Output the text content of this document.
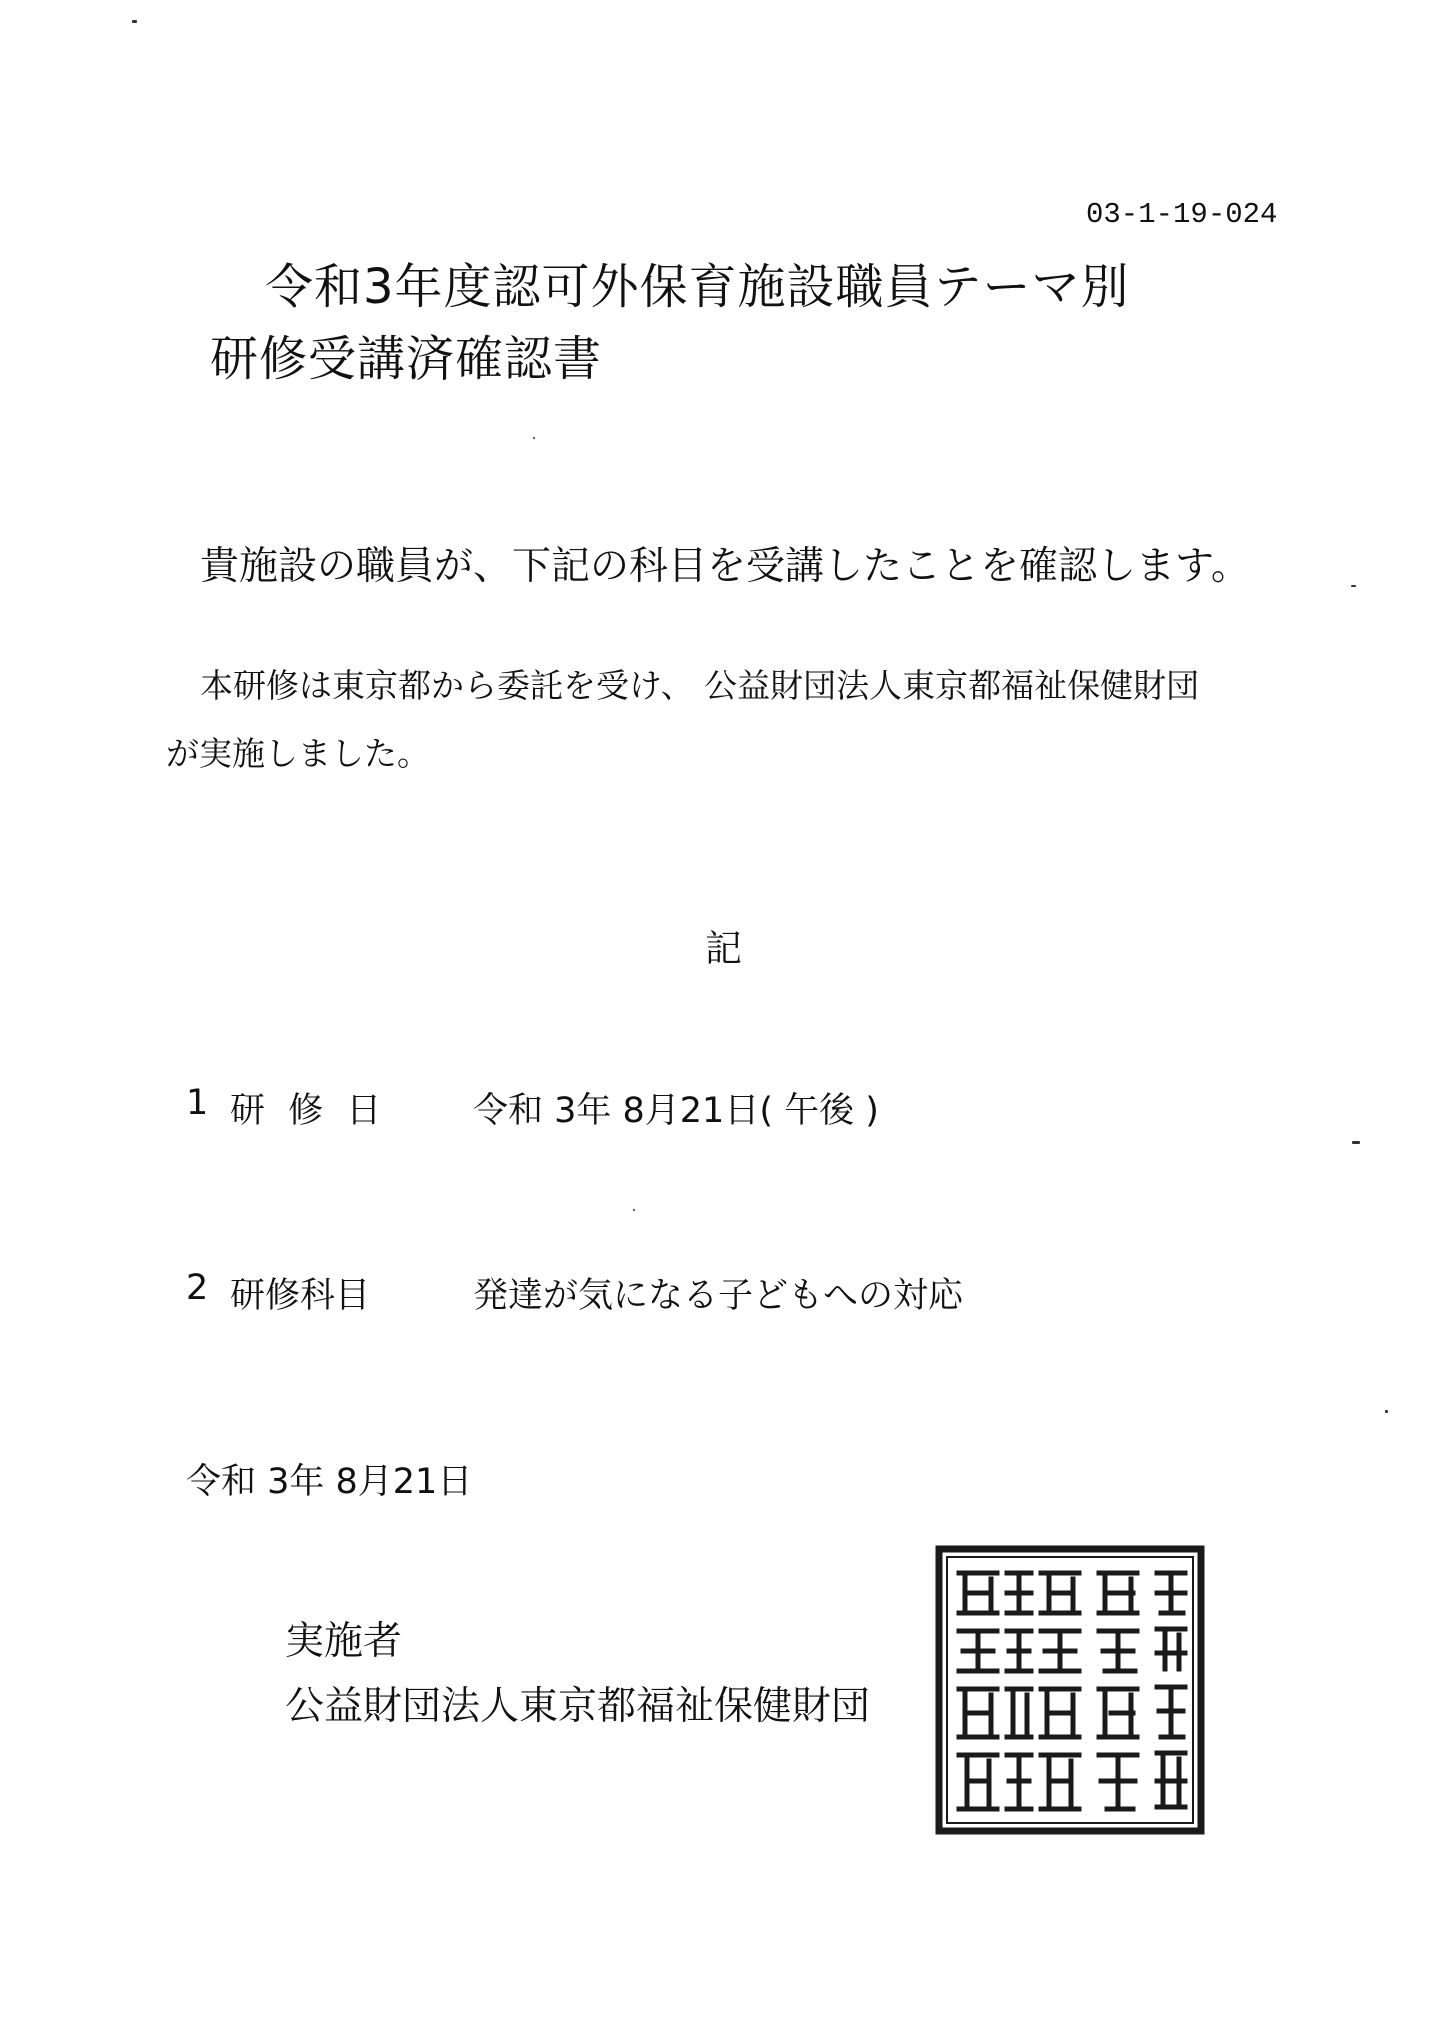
03-1-19-024
令和3年度認可外保育施設職員テーマ別
研修受講済確認書
貴施設の職員が、下記の科目を受講したことを確認します。
本研修は東京都から委託を受け、 公益財団法人東京都福祉保健財団
が実施しました。
記
1 研 修 日 令和 3年 8月21日( 午後 )
2 研修科目	発達が気になる子どもへの対応
令和 3年 8月21日
実施者
公益財団法人東京都福祉保健財団
